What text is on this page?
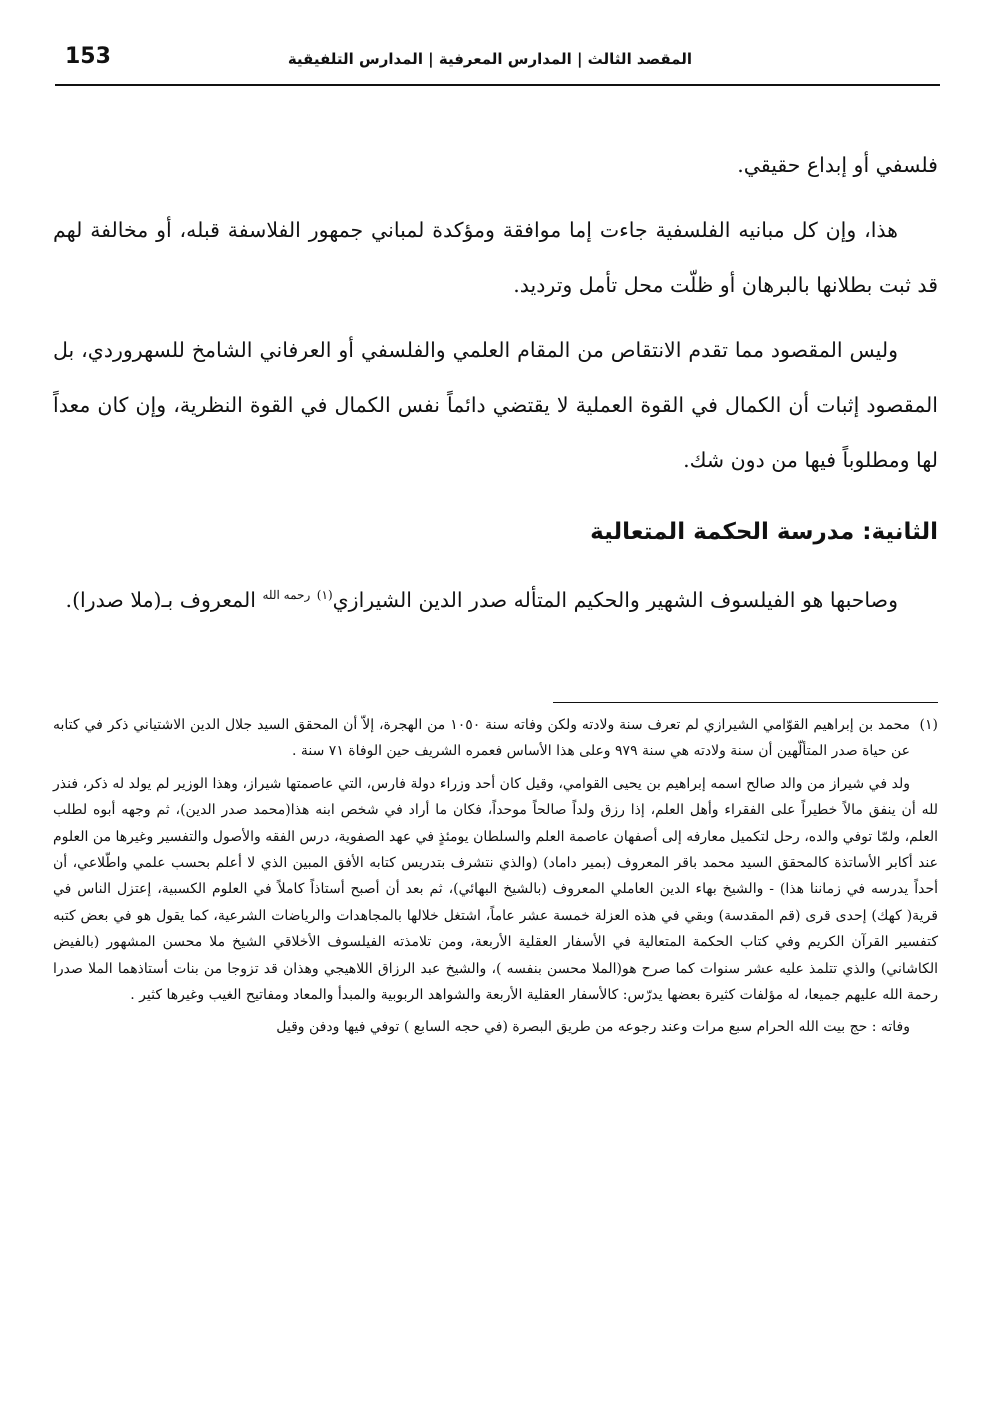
153	المقصد الثالث | المدارس المعرفية | المدارس التلفيقية

فلسفي أو إبداع حقيقي.

هذا، وإن كل مبانيه الفلسفية جاءت إما موافقة ومؤكدة لمباني جمهور الفلاسفة قبله، أو مخالفة لهم قد ثبت بطلانها بالبرهان أو ظلّت محل تأمل وترديد.

وليس المقصود مما تقدم الانتقاص من المقام العلمي والفلسفي أو العرفاني الشامخ للسهروردي، بل المقصود إثبات أن الكمال في القوة العملية لا يقتضي دائماً نفس الكمال في القوة النظرية، وإن كان معداً لها ومطلوباً فيها من دون شك.

الثانية: مدرسة الحكمة المتعالية

وصاحبها هو الفيلسوف الشهير والحكيم المتأله صدر الدين الشيرازي$^{(١)}$ $^{رحمه الله}$ المعروف بـ(ملا صدرا).

(١)
محمد بن إبراهيم القوّامي الشيرازي لم تعرف سنة ولادته ولكن وفاته سنة ١٠٥٠ من الهجرة، إلاّ أن المحقق السيد جلال الدين الاشتياني ذكر في كتابه عن حياة صدر المتألّهين أن سنة ولادته هي سنة ٩٧٩ وعلى هذا الأساس فعمره الشريف حين الوفاة ٧١ سنة .

ولد في شيراز من والد صالح اسمه إبراهيم بن يحيى القوامي، وقيل كان أحد وزراء دولة فارس، التي عاصمتها شيراز، وهذا الوزير لم يولد له ذكر، فنذر لله أن ينفق مالاً خطيراً على الفقراء وأهل العلم، إذا رزق ولداً صالحاً موحداً، فكان ما أراد في شخص ابنه هذا(محمد صدر الدين)، ثم وجهه أبوه لطلب العلم، ولمّا توفي والده، رحل لتكميل معارفه إلى أصفهان عاصمة العلم والسلطان يومئذٍ في عهد الصفوية، درس الفقه والأصول والتفسير وغيرها من العلوم عند أكابر الأساتذة كالمحقق السيد محمد باقر المعروف (بمير داماد) (والذي نتشرف بتدريس كتابه الأفق المبين الذي لا أعلم بحسب علمي واطّلاعي، أن أحداً يدرسه في زماننا هذا) - والشيخ بهاء الدين العاملي المعروف (بالشيخ البهائي)، ثم بعد أن أصبح أستاذاً كاملاً في العلوم الكسبية، إعتزل الناس في قرية( كهك) إحدى قرى (قم المقدسة) وبقي في هذه العزلة خمسة عشر عاماً، اشتغل خلالها بالمجاهدات والرياضات الشرعية، كما يقول هو في بعض كتبه كتفسير القرآن الكريم وفي كتاب الحكمة المتعالية في الأسفار العقلية الأربعة، ومن تلامذته الفيلسوف الأخلاقي الشيخ ملا محسن المشهور (بالفيض الكاشاني) والذي تتلمذ عليه عشر سنوات كما صرح هو(الملا محسن بنفسه )، والشيخ عبد الرزاق اللاهيجي وهذان قد تزوجا من بنات أستاذهما الملا صدرا رحمة الله عليهم جميعا، له مؤلفات كثيرة بعضها يدرّس: كالأسفار العقلية الأربعة والشواهد الربوبية والمبدأ والمعاد ومفاتيح الغيب وغيرها كثير .

وفاته : حج بيت الله الحرام سبع مرات وعند رجوعه من طريق البصرة (في حجه السابع ) توفي فيها ودفن وقيل
